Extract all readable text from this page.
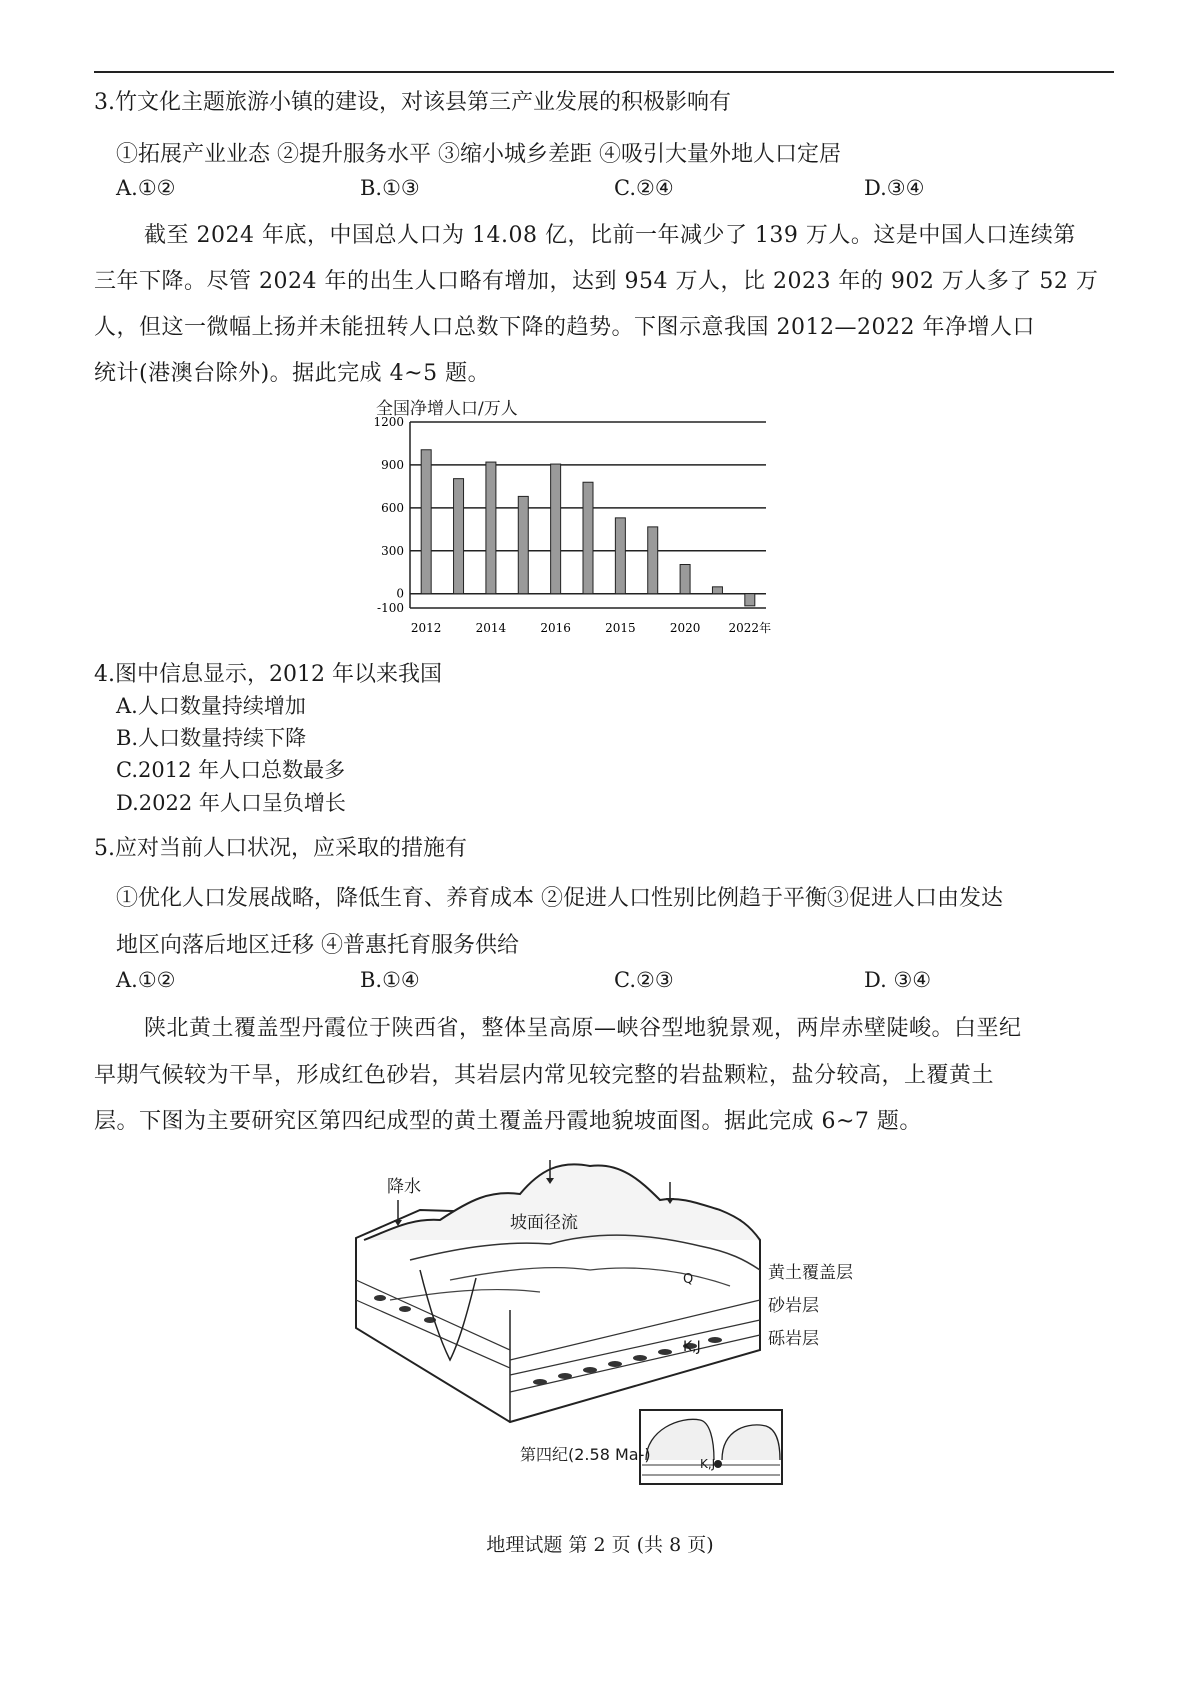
3.竹文化主题旅游小镇的建设，对该县第三产业发展的积极影响有
①拓展产业业态 ②提升服务水平 ③缩小城乡差距 ④吸引大量外地人口定居
A.①②	B.①③	C.②④	D.③④
截至 2024 年底，中国总人口为 14.08 亿，比前一年减少了 139 万人。这是中国人口连续第
三年下降。尽管 2024 年的出生人口略有增加，达到 954 万人，比 2023 年的 902 万人多了 52 万
人，但这一微幅上扬并未能扭转人口总数下降的趋势。下图示意我国 2012—2022 年净增人口
统计(港澳台除外)。据此完成 4~5 题。
全国净增人口/万人
1200
900
600
300
0
-100
2012	2014	2016	2015	2020 2022年
4.图中信息显示，2012 年以来我国
A.人口数量持续增加
B.人口数量持续下降
C.2012 年人口总数最多
D.2022 年人口呈负增长
5.应对当前人口状况，应采取的措施有
①优化人口发展战略，降低生育、养育成本 ②促进人口性别比例趋于平衡③促进人口由发达
地区向落后地区迁移 ④普惠托育服务供给
A.①②	B.①④	C.②③	D. ③④
陕北黄土覆盖型丹霞位于陕西省，整体呈高原—峡谷型地貌景观，两岸赤壁陡峻。白垩纪
早期气候较为干旱，形成红色砂岩，其岩层内常见较完整的岩盐颗粒，盐分较高，上覆黄土
层。下图为主要研究区第四纪成型的黄土覆盖丹霞地貌坡面图。据此完成 6~7 题。
降水
坡面径流
黄土覆盖层
砂岩层
砾岩层
第四纪(2.58 Ma-)
K,J
K,J
Q
地理试题 第 2 页 (共 8 页)
